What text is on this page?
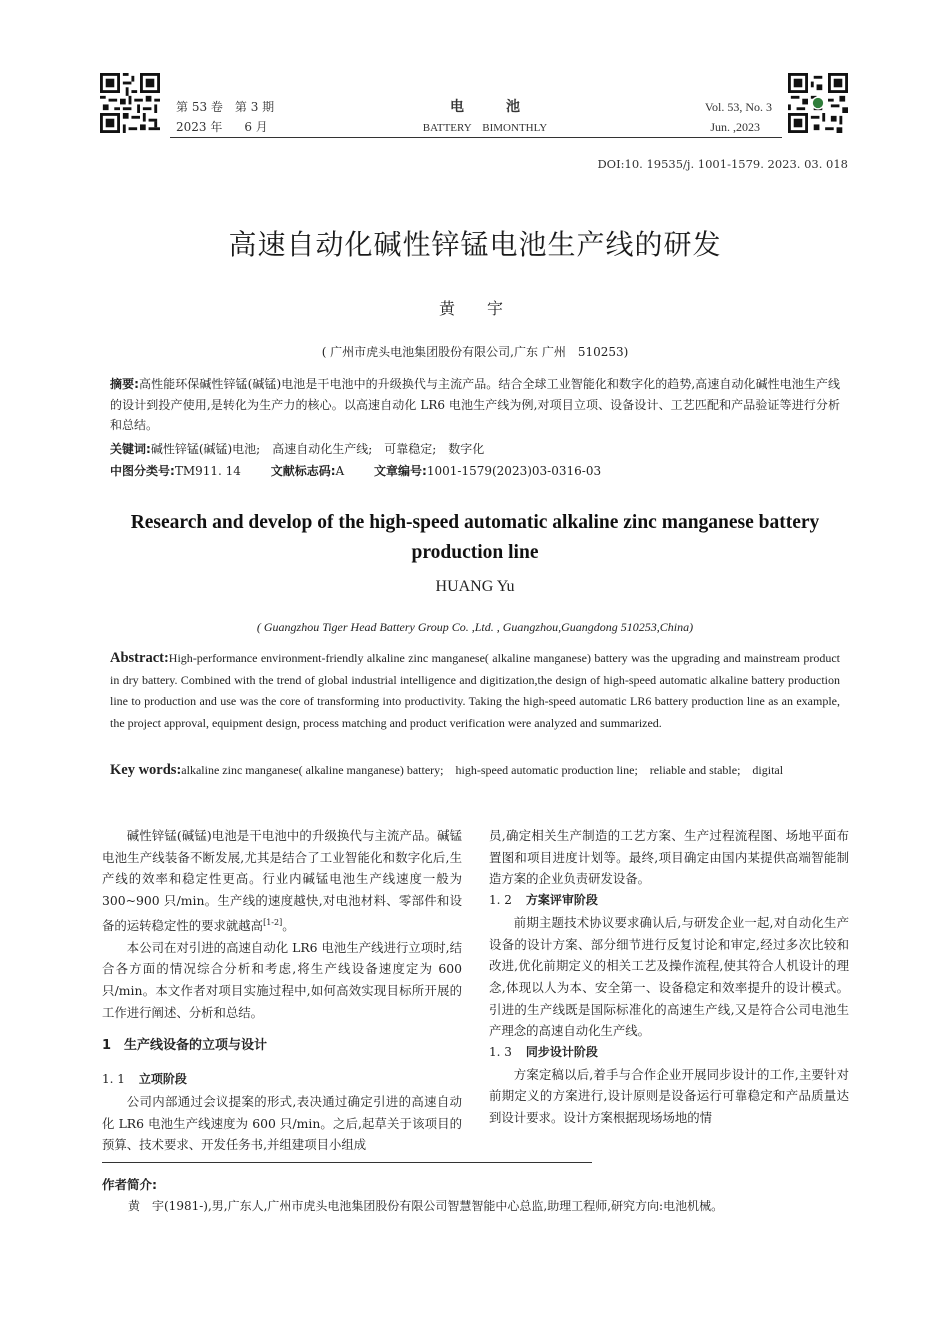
第 53 卷 第 3 期
2023 年 6 月
电　　　池
BATTERY　BIMONTHLY
Vol. 53, No. 3
Jun. ,2023
DOI:10. 19535/j. 1001-1579. 2023. 03. 018
高速自动化碱性锌锰电池生产线的研发
黄　宇
( 广州市虎头电池集团股份有限公司,广东 广州　510253)
摘要:高性能环保碱性锌锰(碱锰)电池是干电池中的升级换代与主流产品。结合全球工业智能化和数字化的趋势,高速自动化碱性电池生产线的设计到投产使用,是转化为生产力的核心。以高速自动化 LR6 电池生产线为例,对项目立项、设备设计、工艺匹配和产品验证等进行分析和总结。
关键词:碱性锌锰(碱锰)电池;　高速自动化生产线;　可靠稳定;　数字化
中图分类号:TM911. 14 文献标志码:A 文章编号:1001-1579(2023)03-0316-03
Research and develop of the high-speed automatic alkaline zinc manganese battery production line
HUANG Yu
( Guangzhou Tiger Head Battery Group Co. ,Ltd. , Guangzhou,Guangdong 510253,China)
Abstract:High-performance environment-friendly alkaline zinc manganese( alkaline manganese) battery was the upgrading and mainstream product in dry battery. Combined with the trend of global industrial intelligence and digitization,the design of high-speed automatic alkaline battery production line to production and use was the core of transforming into productivity. Taking the high-speed automatic LR6 battery production line as an example, the project approval, equipment design, process matching and product verification were analyzed and summarized.
Key words:alkaline zinc manganese( alkaline manganese) battery;　high-speed automatic production line;　reliable and stable;　digital

碱性锌锰(碱锰)电池是干电池中的升级换代与主流产品。碱锰电池生产线装备不断发展,尤其是结合了工业智能化和数字化后,生产线的效率和稳定性更高。行业内碱锰电池生产线速度一般为 300~900 只/min。生产线的速度越快,对电池材料、零部件和设备的运转稳定性的要求就越高[1-2]。

本公司在对引进的高速自动化 LR6 电池生产线进行立项时,结合各方面的情况综合分析和考虑,将生产线设备速度定为 600 只/min。本文作者对项目实施过程中,如何高效实现目标所开展的工作进行阐述、分析和总结。

1　生产线设备的立项与设计
1. 1 立项阶段

公司内部通过会议提案的形式,表决通过确定引进的高速自动化 LR6 电池生产线速度为 600 只/min。之后,起草关于该项目的预算、技术要求、开发任务书,并组建项目小组成

员,确定相关生产制造的工艺方案、生产过程流程图、场地平面布置图和项目进度计划等。最终,项目确定由国内某提供高端智能制造方案的企业负责研发设备。
1. 2 方案评审阶段

前期主题技术协议要求确认后,与研发企业一起,对自动化生产设备的设计方案、部分细节进行反复讨论和审定,经过多次比较和改进,优化前期定义的相关工艺及操作流程,使其符合人机设计的理念,体现以人为本、安全第一、设备稳定和效率提升的设计模式。引进的生产线既是国际标准化的高速生产线,又是符合公司电池生产理念的高速自动化生产线。

1. 3 同步设计阶段

方案定稿以后,着手与合作企业开展同步设计的工作,主要针对前期定义的方案进行,设计原则是设备运行可靠稳定和产品质量达到设计要求。设计方案根据现场场地的情

作者简介:
黄　宇(1981-),男,广东人,广州市虎头电池集团股份有限公司智慧智能中心总监,助理工程师,研究方向:电池机械。
